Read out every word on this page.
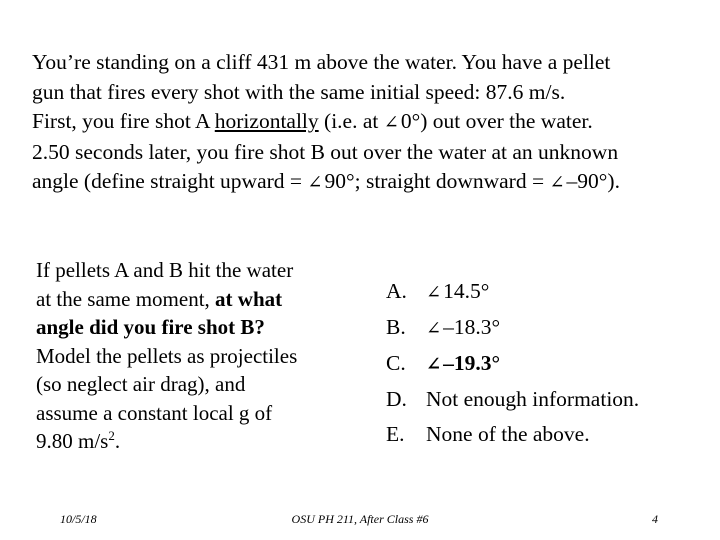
You’re standing on a cliff 431 m above the water. You have a pellet
gun that fires every shot with the same initial speed: 87.6 m/s.
First, you fire shot A horizontally (i.e. at ∠0°) out over the water.
2.50 seconds later, you fire shot B out over the water at an unknown
angle (define straight upward = ∠90°; straight downward = ∠–90°).
If pellets A and B hit the water
at the same moment, at what
angle did you fire shot B?
Model the pellets as projectiles
(so neglect air drag), and
assume a constant local g of
9.80 $m/s^2$.
A.	∠14.5°
B.	∠–18.3°
C.	∠–19.3°
D. Not enough information.
E. None of the above.
10/5/18	OSU PH 211, After Class #6	4
